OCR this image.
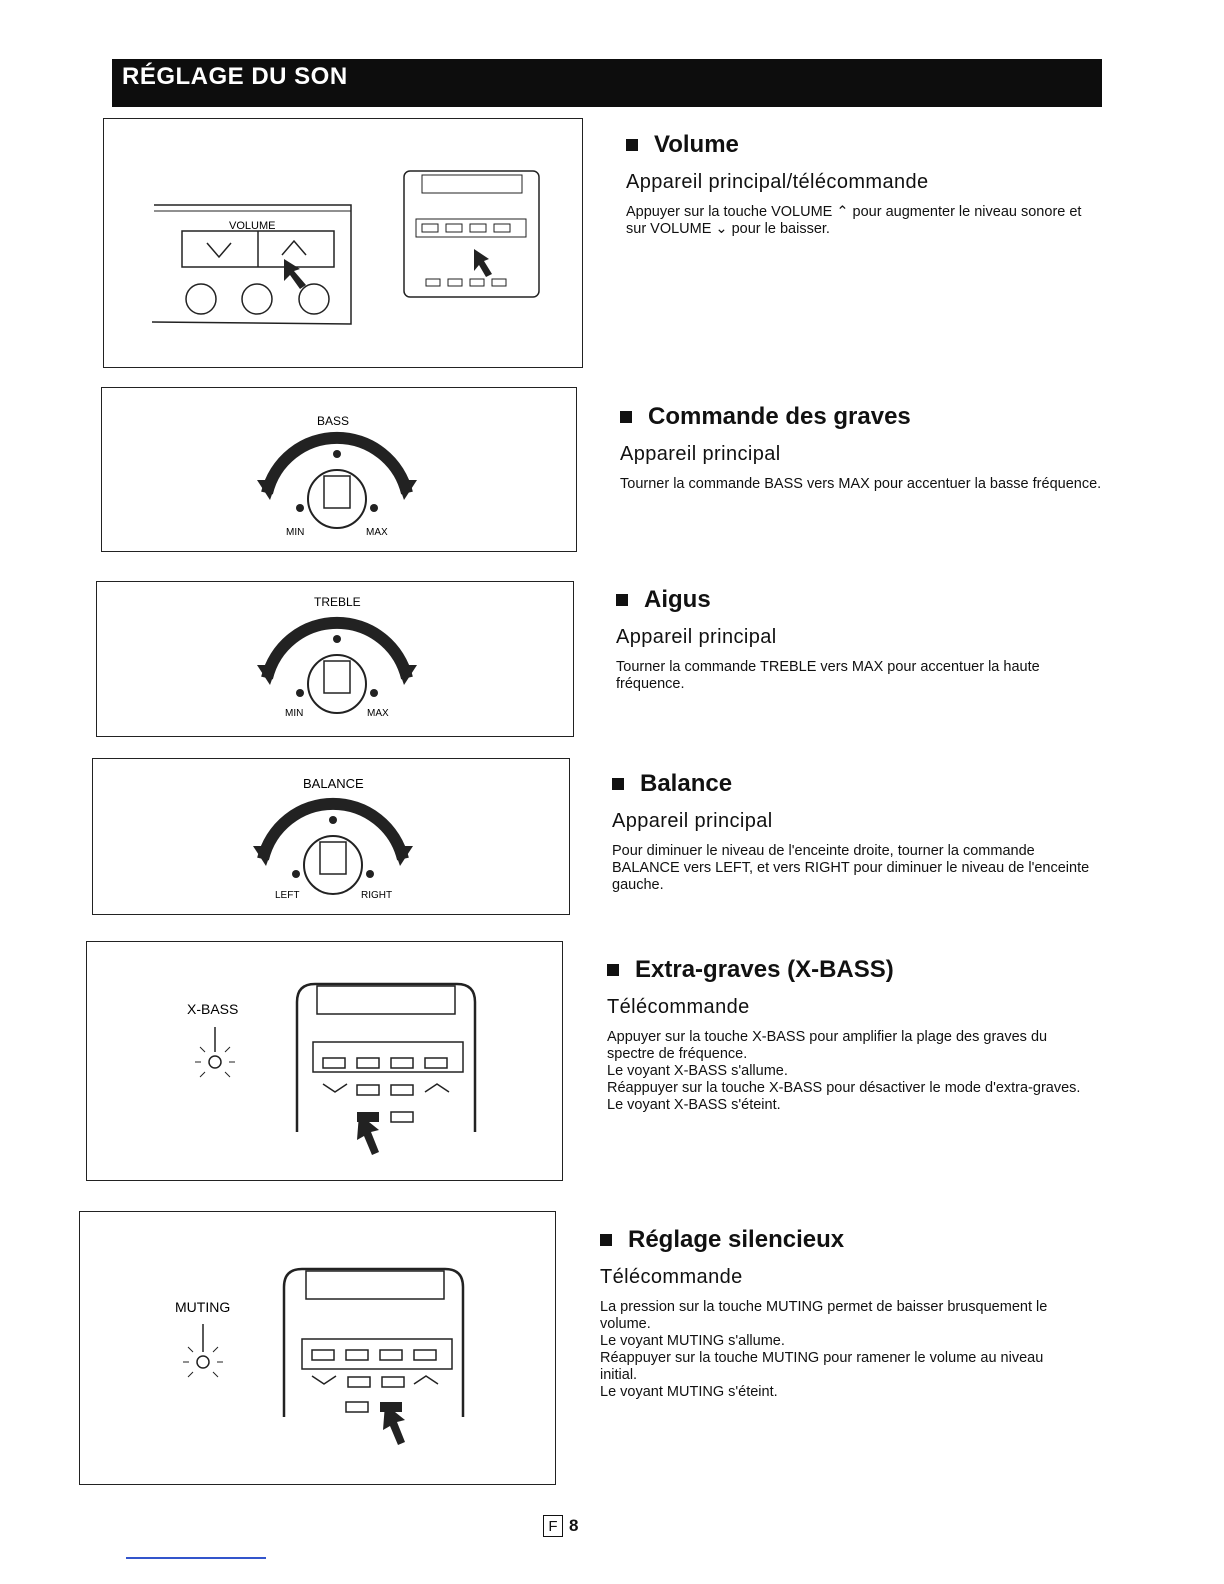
RÉGLAGE DU SON
VOLUME
BASS
MIN	MAX
TREBLE
MIN	MAX
BALANCE
LEFT	RIGHT
X-BASS
MUTING
Volume
Appareil principal/télécommande

Appuyer sur la touche VOLUME ⌃ pour augmenter le niveau sonore et sur VOLUME ⌄ pour le baisser.

Commande des graves
Appareil principal

Tourner la commande BASS vers MAX pour accentuer la basse fréquence.

Aigus
Appareil principal

Tourner la commande TREBLE vers MAX pour accentuer la haute fréquence.

Balance
Appareil principal

Pour diminuer le niveau de l'enceinte droite, tourner la commande BALANCE vers LEFT, et vers RIGHT pour diminuer le niveau de l'enceinte gauche.

Extra-graves (X-BASS)
Télécommande

Appuyer sur la touche X-BASS pour amplifier la plage des graves du spectre de fréquence.

Le voyant X-BASS s'allume.

Réappuyer sur la touche X-BASS pour désactiver le mode d'extra-graves.

Le voyant X-BASS s'éteint.

Réglage silencieux
Télécommande

La pression sur la touche MUTING permet de baisser brusquement le volume.

Le voyant MUTING s'allume.

Réappuyer sur la touche MUTING pour ramener le volume au niveau initial.

Le voyant MUTING s'éteint.

F 8
